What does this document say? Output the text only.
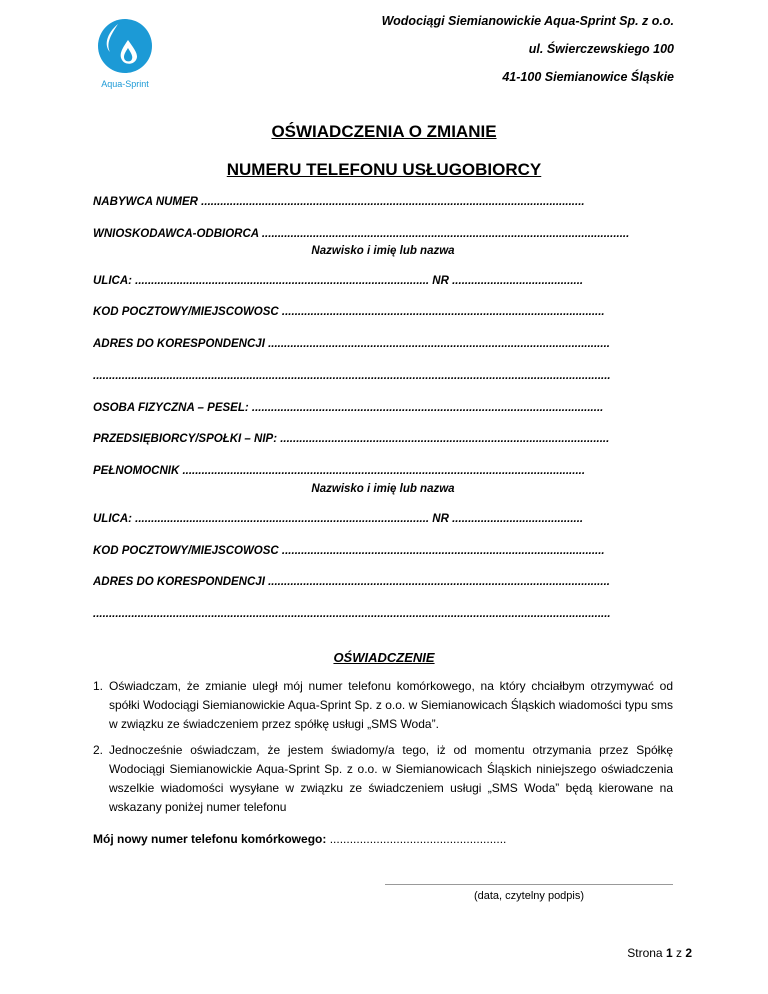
Aqua-Sprint
Wodociągi Siemianowickie Aqua-Sprint Sp. z o.o.
ul. Świerczewskiego 100
41-100 Siemianowice Śląskie
OŚWIADCZENIA O ZMIANIE
NUMERU TELEFONU USŁUGOBIORCY
NABYWCA NUMER ........................................................................................................................
WNIOSKODAWCA-ODBIORCA ...................................................................................................................
Nazwisko i imię lub nazwa
ULICA: ............................................................................................ NR .........................................
KOD POCZTOWY/MIEJSCOWOŚĆ .....................................................................................................
ADRES DO KORESPONDENCJI ...........................................................................................................
..................................................................................................................................................................
OSOBA FIZYCZNA – PESEL: ..............................................................................................................
PRZEDSIĘBIORCY/SPÓŁKI – NIP: .......................................................................................................
PEŁNOMOCNIK ..............................................................................................................................
Nazwisko i imię lub nazwa
ULICA: ............................................................................................ NR .........................................
KOD POCZTOWY/MIEJSCOWOŚĆ .....................................................................................................
ADRES DO KORESPONDENCJI ...........................................................................................................
..................................................................................................................................................................
OŚWIADCZENIE
1. Oświadczam, że zmianie uległ mój numer telefonu komórkowego, na który chciałbym otrzymywać od spółki Wodociągi Siemianowickie Aqua-Sprint Sp. z o.o. w Siemianowicach Śląskich wiadomości typu sms w związku ze świadczeniem przez spółkę usługi „SMS Woda”.
2. Jednocześnie oświadczam, że jestem świadomy/a tego, iż od momentu otrzymania przez Spółkę Wodociągi Siemianowickie Aqua-Sprint Sp. z o.o. w Siemianowicach Śląskich niniejszego oświadczenia wszelkie wiadomości wysyłane w związku ze świadczeniem usługi „SMS Woda” będą kierowane na wskazany poniżej numer telefonu
Mój nowy numer telefonu komórkowego: .....................................................
(data, czytelny podpis)
Strona 1 z 2
